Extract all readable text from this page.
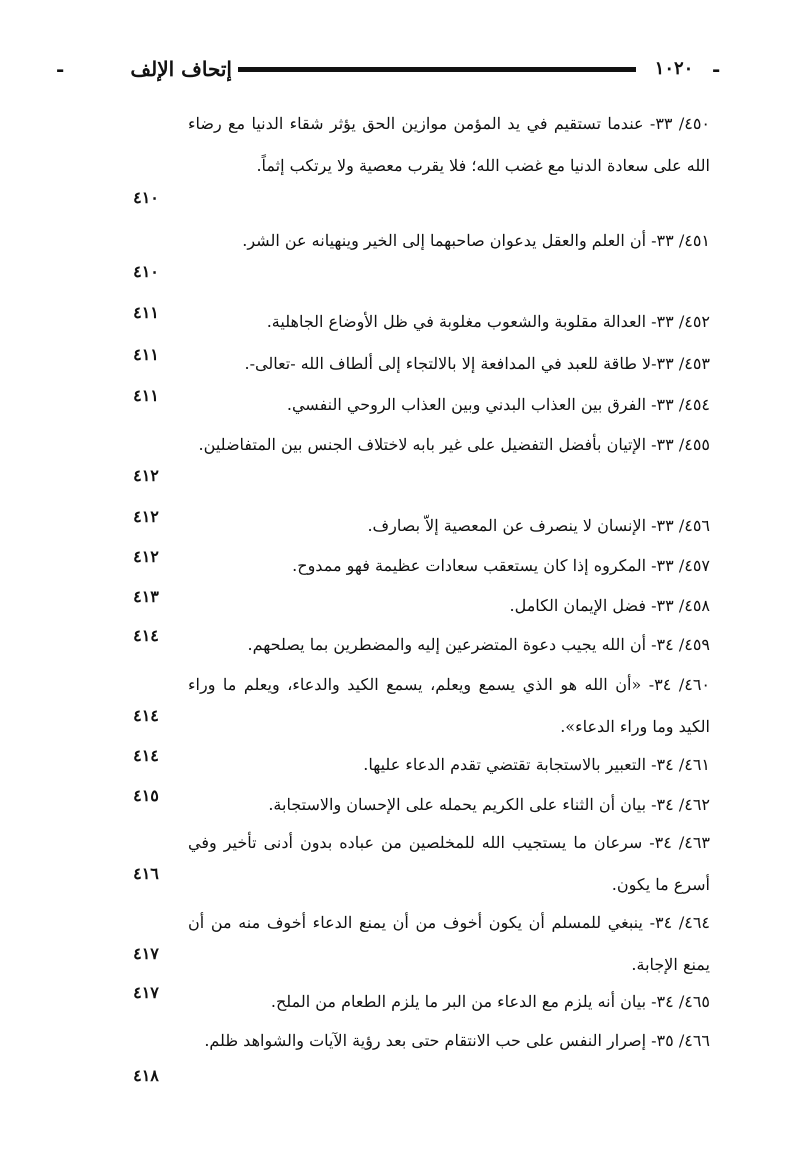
-	إتحاف الإلف	١٠٢٠ -

٤٥٠/ ٣٣- عندما تستقيم في يد المؤمن موازين الحق يؤثر شقاء الدنيا مع رضاء الله على سعادة الدنيا مع غضب الله؛ فلا يقرب معصية ولا يرتكب إثماً.

٤١٠

٤٥١/ ٣٣- أن العلم والعقل يدعوان صاحبهما إلى الخير وينهيانه عن الشر.

٤١٠

٤٥٢/ ٣٣- العدالة مقلوبة والشعوب مغلوبة في ظل الأوضاع الجاهلية.

٤١١

٤٥٣/ ٣٣-لا طاقة للعبد في المدافعة إلا بالالتجاء إلى ألطاف الله -تعالى-.

٤١١

٤٥٤/ ٣٣- الفرق بين العذاب البدني وبين العذاب الروحي النفسي.

٤١١

٤٥٥/ ٣٣- الإتيان بأفضل التفضيل على غير بابه لاختلاف الجنس بين المتفاضلين.

٤١٢

٤٥٦/ ٣٣- الإنسان لا ينصرف عن المعصية إلاّ بصارف.

٤١٢

٤٥٧/ ٣٣- المكروه إذا كان يستعقب سعادات عظيمة فهو ممدوح.

٤١٢

٤٥٨/ ٣٣- فضل الإيمان الكامل.

٤١٣

٤٥٩/ ٣٤- أن الله يجيب دعوة المتضرعين إليه والمضطرين بما يصلحهم.

٤١٤

٤٦٠/ ٣٤- «أن الله هو الذي يسمع ويعلم، يسمع الكيد والدعاء، ويعلم ما وراء الكيد وما وراء الدعاء».

٤١٤

٤٦١/ ٣٤- التعبير بالاستجابة تقتضي تقدم الدعاء عليها.

٤١٤

٤٦٢/ ٣٤- بيان أن الثناء على الكريم يحمله على الإحسان والاستجابة.

٤١٥

٤٦٣/ ٣٤- سرعان ما يستجيب الله للمخلصين من عباده بدون أدنى تأخير وفي أسرع ما يكون.

٤١٦

٤٦٤/ ٣٤- ينبغي للمسلم أن يكون أخوف من أن يمنع الدعاء أخوف منه من أن يمنع الإجابة.

٤١٧

٤٦٥/ ٣٤- بيان أنه يلزم مع الدعاء من البر ما يلزم الطعام من الملح.

٤١٧

٤٦٦/ ٣٥- إصرار النفس على حب الانتقام حتى بعد رؤية الآيات والشواهد ظلم.

٤١٨
